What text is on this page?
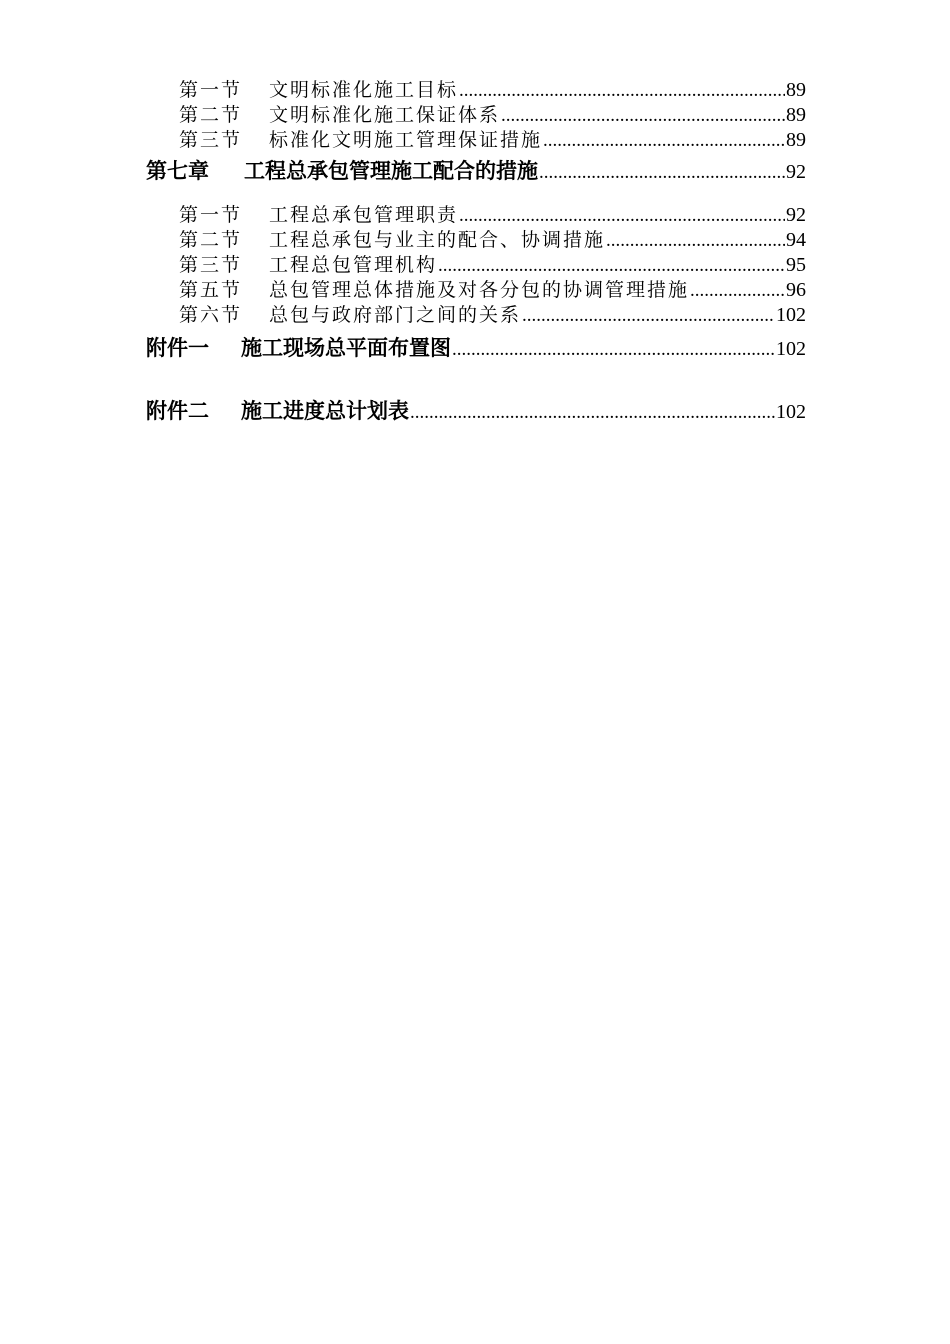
第一节	文明标准化施工目标 .....	89
第二节	文明标准化施工保证体系 .....	89
第三节	标准化文明施工管理保证措施 .....	89
第七章	工程总承包管理施工配合的措施 .....	92
第一节	工程总承包管理职责 .....	92
第二节	工程总承包与业主的配合、协调措施 .....	94
第三节	工程总包管理机构 .....	95
第五节	总包管理总体措施及对各分包的协调管理措施 .....	96
第六节	总包与政府部门之间的关系 .....	102
附件一	施工现场总平面布置图 .....	102
附件二	施工进度总计划表 .....	102
